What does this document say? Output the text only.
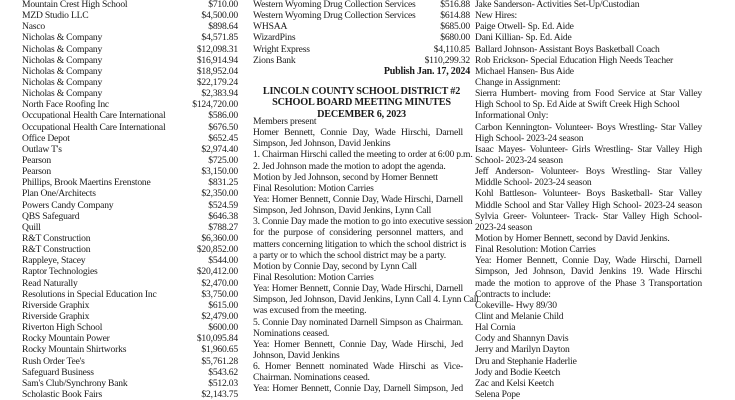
Mountain Crest High School	$710.00
MZD Studio LLC	$4,500.00
Nasco	$898.64
Nicholas & Company	$4,571.85
Nicholas & Company	$12,098.31
Nicholas & Company	$16,914.94
Nicholas & Company	$18,952.04
Nicholas & Company	$22,179.24
Nicholas & Company	$2,383.94
North Face Roofing Inc	$124,720.00
Occupational Health Care International	$586.00
Occupational Health Care International	$676.50
Office Depot	$652.45
Outlaw T's	$2,974.40
Pearson	$725.00
Pearson	$3,150.00
Phillips, Brook Maertins Erenstone	$831.25
Plan One/Architects	$2,350.00
Powers Candy Company	$524.59
QBS Safeguard	$646.38
Quill	$788.27
R&T Construction	$6,360.00
R&T Construction	$20,852.00
Rappleye, Stacey	$544.00
Raptor Technologies	$20,412.00
Read Naturally	$2,470.00
Resolutions in Special Education Inc	$3,750.00
Riverside Graphix	$615.00
Riverside Graphix	$2,479.00
Riverton High School	$600.00
Rocky Mountain Power	$10,095.84
Rocky Mountain Shirtworks	$1,960.65
Rush Order Tee's	$5,761.28
Safeguard Business	$543.62
Sam's Club/Synchrony Bank	$512.03
Scholastic Book Fairs	$2,143.75
Western Wyoming Drug Collection Services	$516.88
Western Wyoming Drug Collection Services	$614.88
WHSAA	$685.00
WizardPins	$680.00
Wright Express	$4,110.85
Zions Bank	$110,299.32
Publish Jan. 17, 2024
LINCOLN COUNTY SCHOOL DISTRICT #2
SCHOOL BOARD MEETING MINUTES
DECEMBER 6, 2023
Members present
Homer Bennett, Connie Day, Wade Hirschi, Darnell
Simpson, Jed Johnson, David Jenkins
1. Chairman Hirschi called the meeting to order at 6:00 p.m.
2. Jed Johnson made the motion to adopt the agenda.
Motion by Jed Johnson, second by Homer Bennett
Final Resolution: Motion Carries
Yea: Homer Bennett, Connie Day, Wade Hirschi, Darnell
Simpson, Jed Johnson, David Jenkins, Lynn Call
3. Connie Day made the motion to go into executive session
for the purpose of considering personnel matters, and
matters concerning litigation to which the school district is
a party or to which the school district may be a party.
Motion by Connie Day, second by Lynn Call
Final Resolution: Motion Carries
Yea: Homer Bennett, Connie Day, Wade Hirschi, Darnell
Simpson, Jed Johnson, David Jenkins, Lynn Call 4. Lynn Call
was excused from the meeting.
5. Connie Day nominated Darnell Simpson as Chairman.
Nominations ceased.
Yea: Homer Bennett, Connie Day, Wade Hirschi, Jed
Johnson, David Jenkins
6. Homer Bennett nominated Wade Hirschi as Vice-
Chairman. Nominations ceased.
Yea: Homer Bennett, Connie Day, Darnell Simpson, Jed
Jake Sanderson- Activities Set-Up/Custodian
New Hires:
Paige Otwell- Sp. Ed. Aide
Dani Killian- Sp. Ed. Aide
Ballard Johnson- Assistant Boys Basketball Coach
Rob Erickson- Special Education High Needs Teacher
Michael Hansen- Bus Aide
Change in Assignment:
Sierra Humbert- moving from Food Service at Star Valley
High School to Sp. Ed Aide at Swift Creek High School
Informational Only:
Carbon Kennington- Volunteer- Boys Wrestling- Star Valley
High School- 2023-24 season
Isaac Mayes- Volunteer- Girls Wrestling- Star Valley High
School- 2023-24 season
Jeff Anderson- Volunteer- Boys Wrestling- Star Valley
Middle School- 2023-24 season
Kohl Battleson- Volunteer- Boys Basketball- Star Valley
Middle School and Star Valley High School- 2023-24 season
Sylvia Greer- Volunteer- Track- Star Valley High School-
2023-24 season
Motion by Homer Bennett, second by David Jenkins.
Final Resolution: Motion Carries
Yea: Homer Bennett, Connie Day, Wade Hirschi, Darnell
Simpson, Jed Johnson, David Jenkins 19. Wade Hirschi
made the motion to approve of the Phase 3 Transportation
Contracts to include:
Cokeville- Hwy 89/30
Clint and Melanie Child
Hal Cornia
Cody and Shannyn Davis
Jerry and Marilyn Dayton
Dru and Stephanie Haderlie
Jody and Bodie Keetch
Zac and Kelsi Keetch
Selena Pope
